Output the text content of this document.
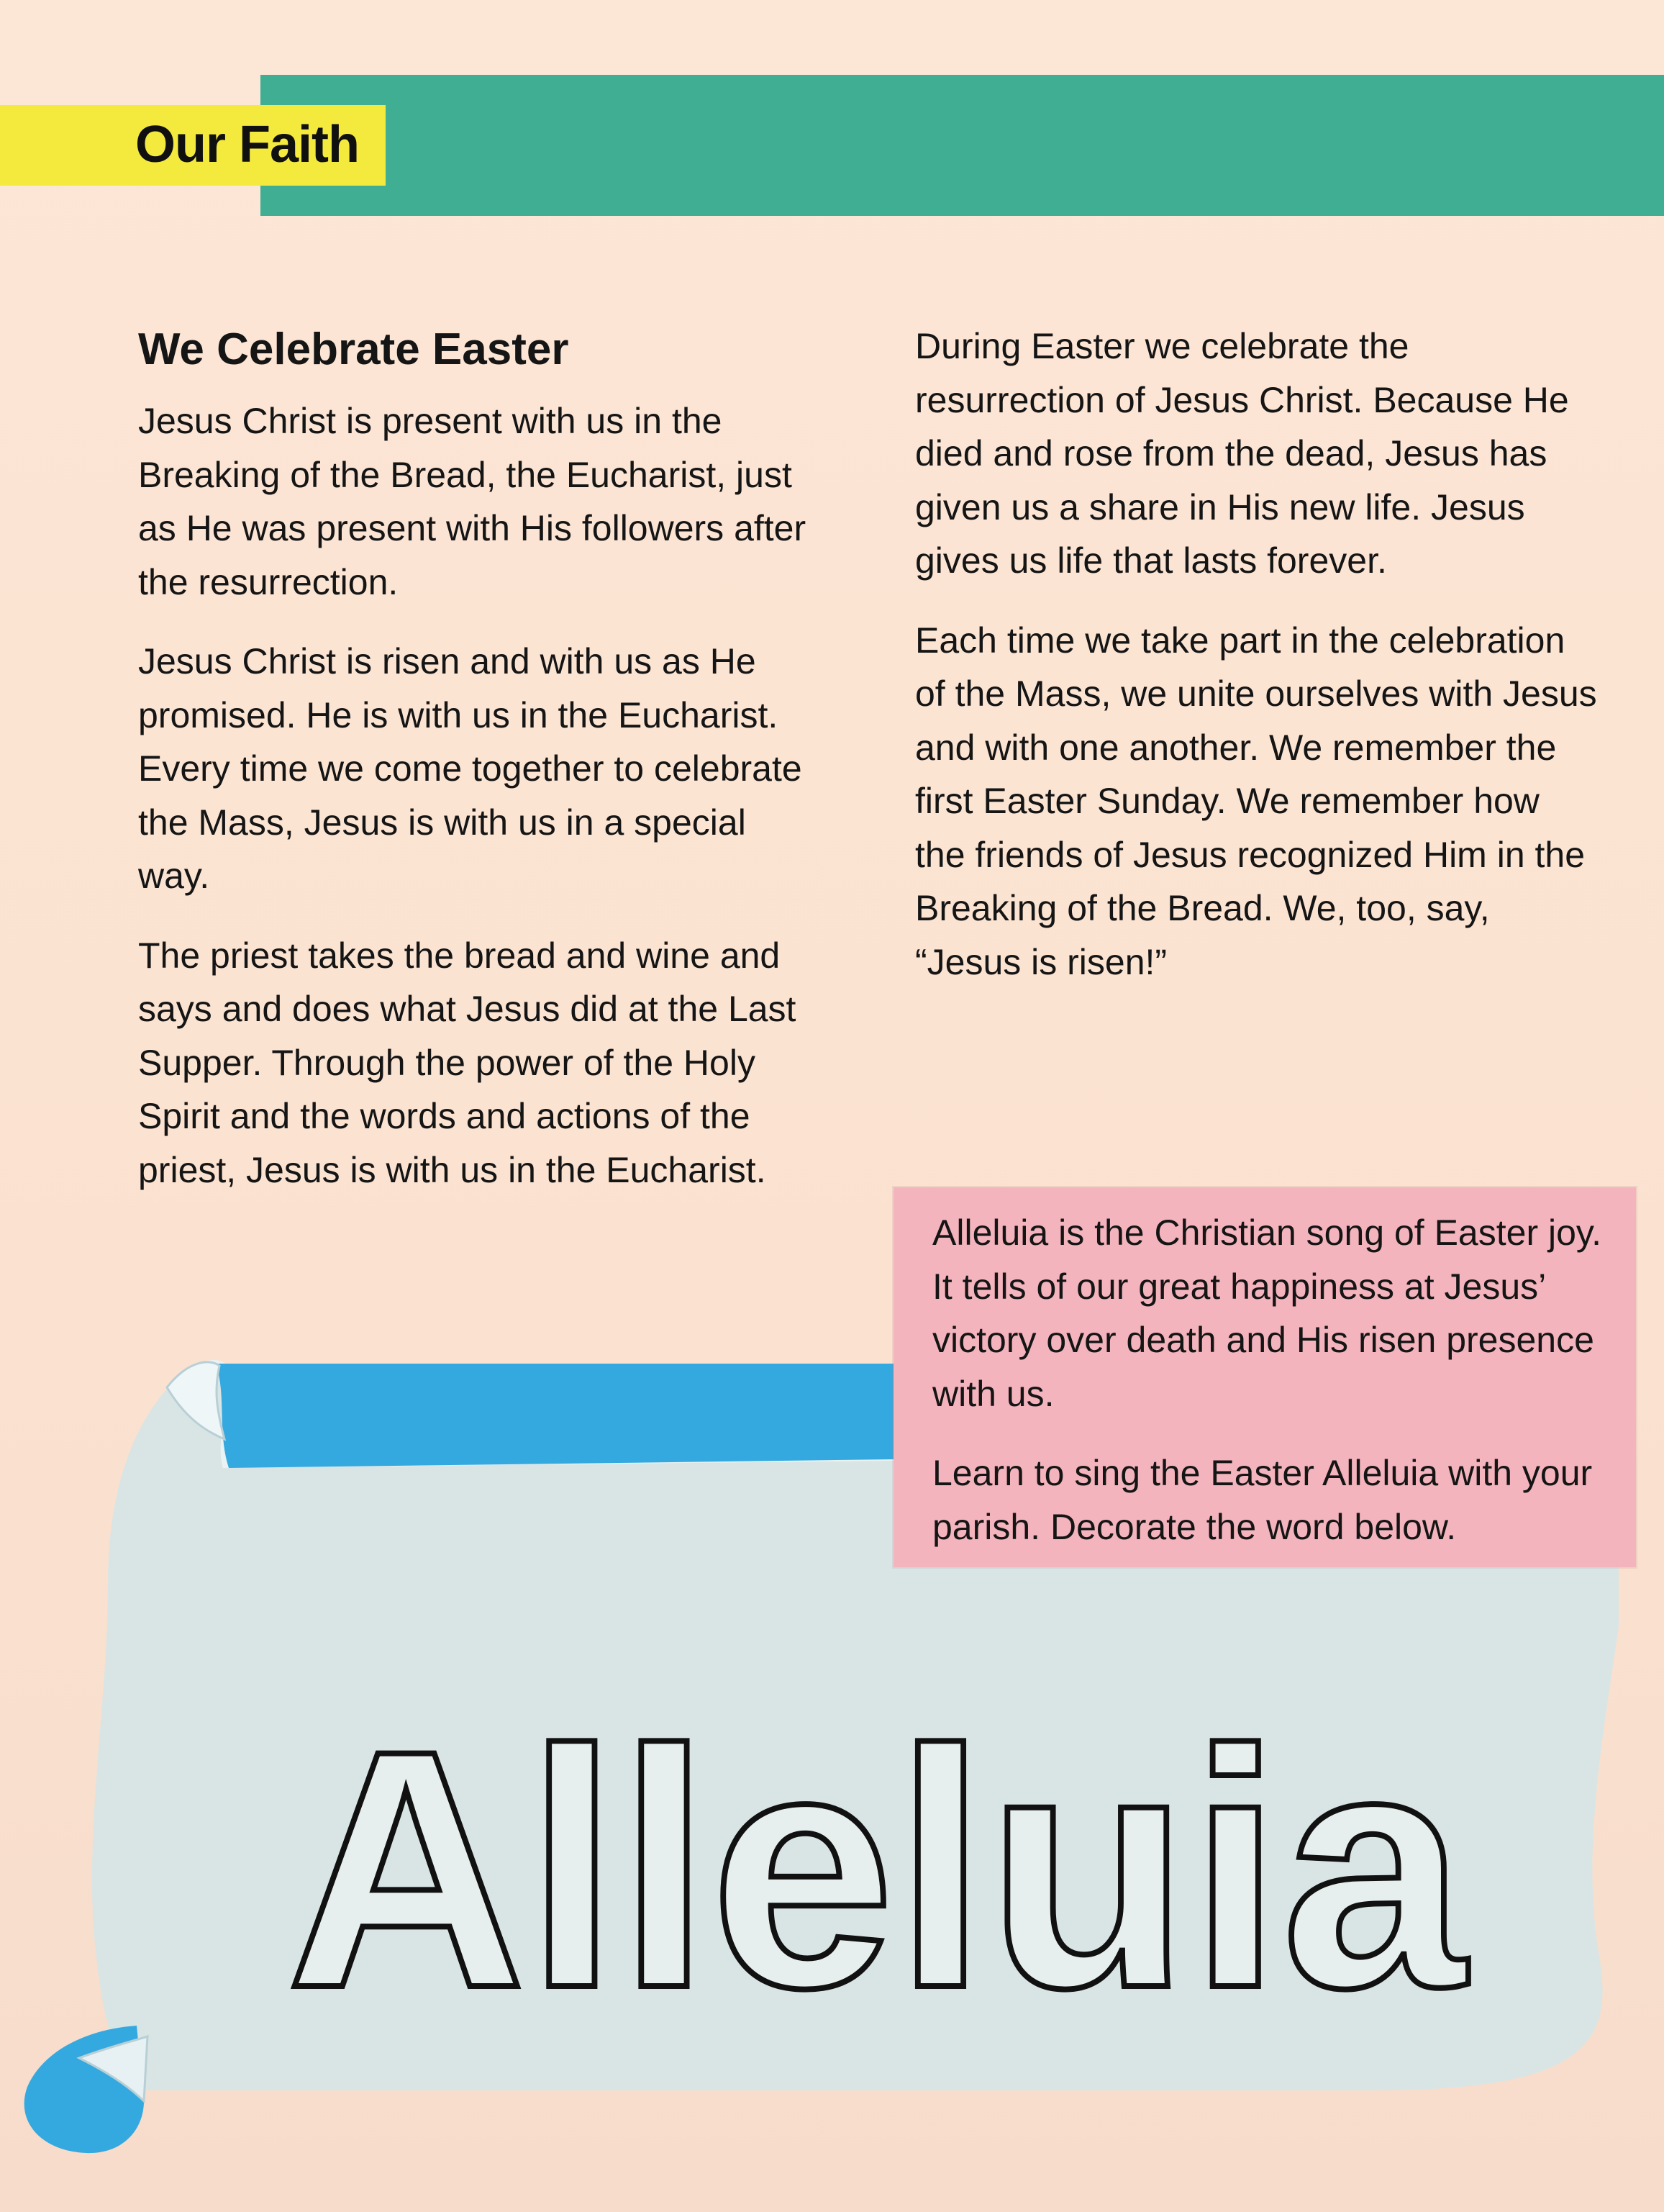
Our Faith
We Celebrate Easter

Jesus Christ is present with us in the Breaking of the Bread, the Eucharist, just as He was present with His followers after the resurrection.

Jesus Christ is risen and with us as He promised. He is with us in the Eucharist. Every time we come together to celebrate the Mass, Jesus is with us in a special way.

The priest takes the bread and wine and says and does what Jesus did at the Last Supper. Through the power of the Holy Spirit and the words and actions of the priest, Jesus is with us in the Eucharist.

During Easter we celebrate the resurrection of Jesus Christ. Because He died and rose from the dead, Jesus has given us a share in His new life. Jesus gives us life that lasts forever.

Each time we take part in the celebration of the Mass, we unite ourselves with Jesus and with one another. We remember the first Easter Sunday. We remember how the friends of Jesus recognized Him in the Breaking of the Bread. We, too, say, “Jesus is risen!”

Alleluia is the Christian song of Easter joy. It tells of our great happiness at Jesus’ victory over death and His risen presence with us.

Learn to sing the Easter Alleluia with your parish. Decorate the word below.

Alleluia
